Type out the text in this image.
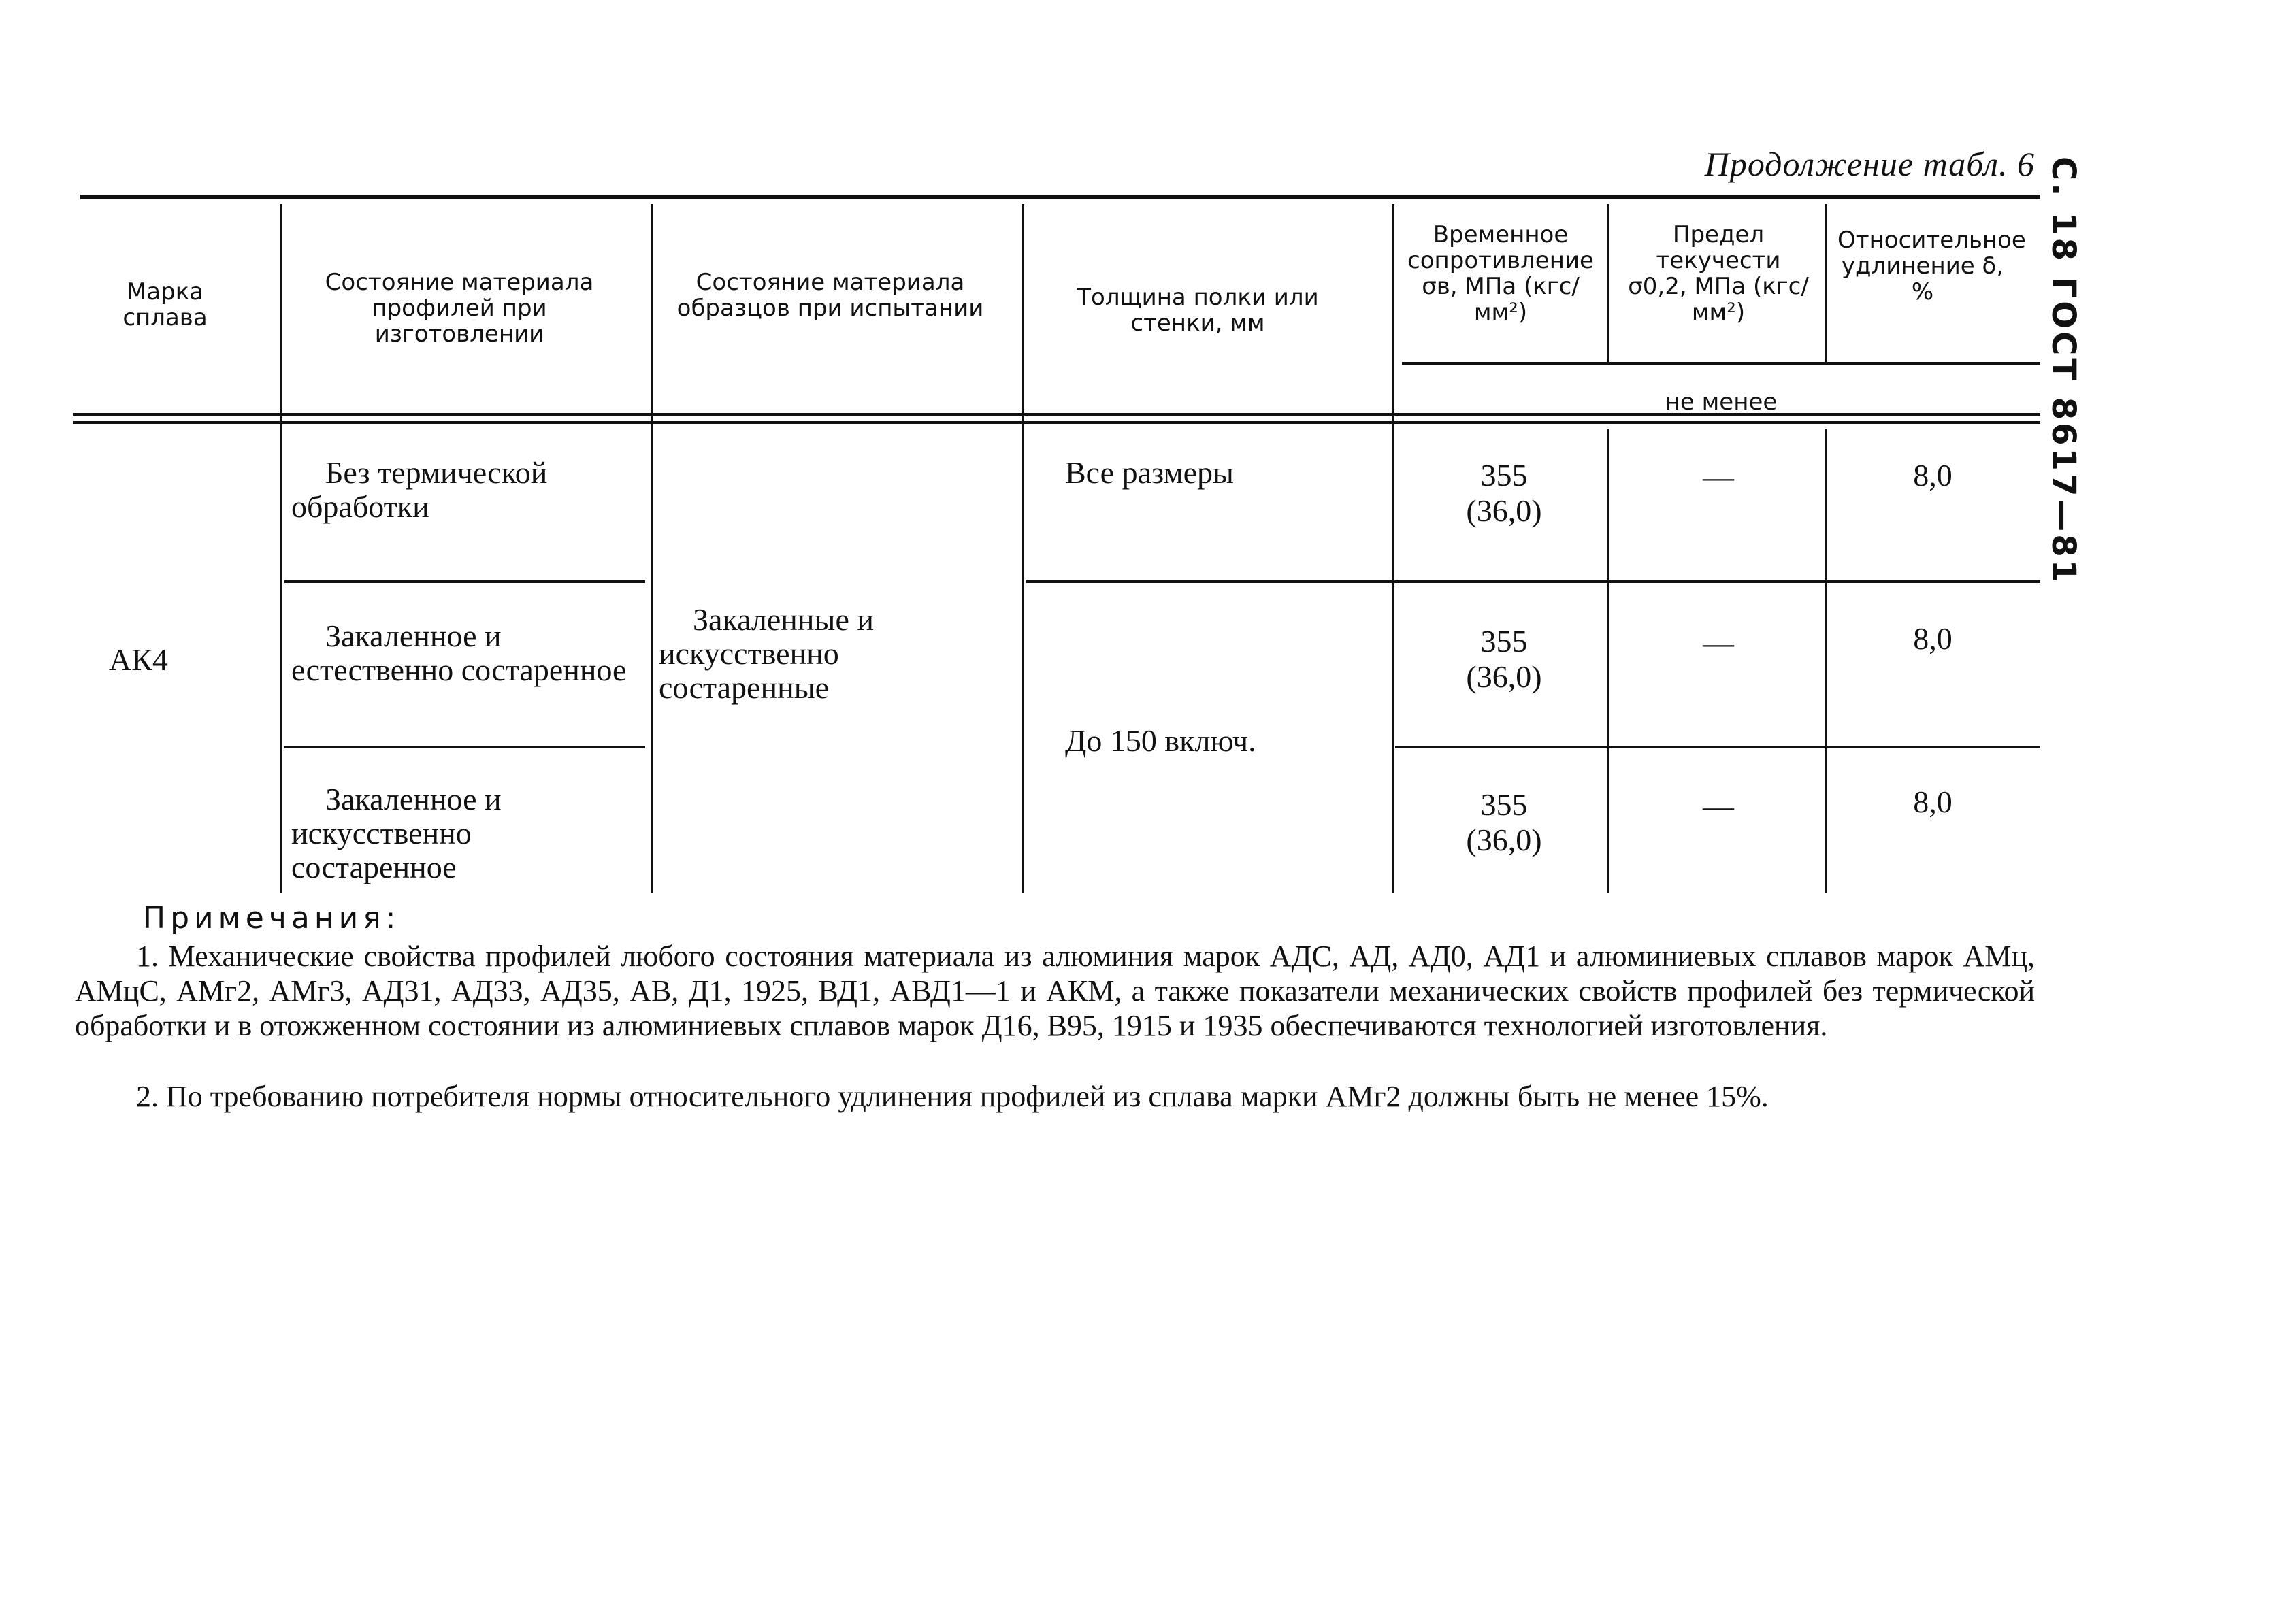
Продолжение табл. 6 С. 18 ГОСТ 8617—81
Марка сплава
Состояние материала профилей при изготовлении
Состояние материала образцов при испытании	Толщина полки или стенки, мм
Временное сопротивление σв, МПа (кгс/мм²)
Предел текучести σ0,2, МПа (кгс/мм²)
Относительное удлинение δ, %
не менее
АК4
Без термической обработки
Закаленное и естественно состаренное
Закаленное и искусственно состаренное
Закаленные и искусственно состаренные
Все размеры
До 150 включ.
355
(36,0)
355
(36,0)
355
(36,0)
—
—
—
8,0
8,0
8,0
Примечания:
1. Механические свойства профилей любого состояния материала из алюминия марок АДС, АД, АД0, АД1 и алюминиевых сплавов марок АМц, АМцС, АМг2, АМг3, АД31, АД33, АД35, АВ, Д1, 1925, ВД1, АВД1—1 и АКМ, а также показатели механических свойств профилей без термической обработки и в отожженном состоянии из алюминиевых сплавов марок Д16, В95, 1915 и 1935 обеспечиваются технологией изготовления.
2. По требованию потребителя нормы относительного удлинения профилей из сплава марки АМг2 должны быть не менее 15%.
